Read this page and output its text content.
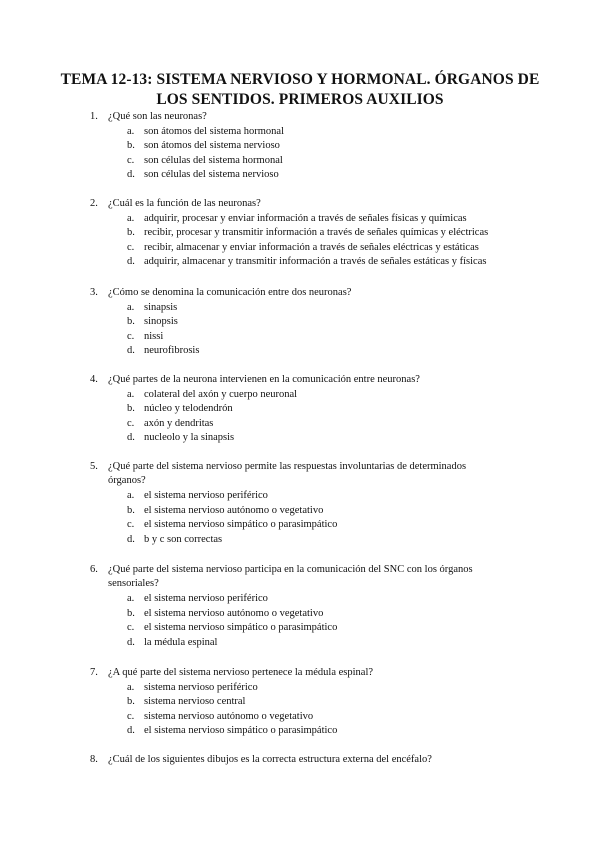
TEMA 12-13: SISTEMA NERVIOSO Y HORMONAL. ÓRGANOS DE
LOS SENTIDOS. PRIMEROS AUXILIOS
1. ¿Qué son las neuronas?
a. son átomos del sistema hormonal
b. son átomos del sistema nervioso
c. son células del sistema hormonal
d. son células del sistema nervioso
2. ¿Cuál es la función de las neuronas?
a. adquirir, procesar y enviar información a través de señales físicas y químicas
b. recibir, procesar y transmitir información a través de señales químicas y eléctricas
c. recibir, almacenar y enviar información a través de señales eléctricas y estáticas
d. adquirir, almacenar y transmitir información a través de señales estáticas y físicas
3. ¿Cómo se denomina la comunicación entre dos neuronas?
a. sinapsis
b. sinopsis
c. nissi
d. neurofibrosis
4. ¿Qué partes de la neurona intervienen en la comunicación entre neuronas?
a. colateral del axón y cuerpo neuronal
b. núcleo y telodendrón
c. axón y dendritas
d. nucleolo y la sinapsis
5. ¿Qué parte del sistema nervioso permite las respuestas involuntarias de determinados
órganos?
a. el sistema nervioso periférico
b. el sistema nervioso autónomo o vegetativo
c. el sistema nervioso simpático o parasimpático
d. b y c son correctas
6. ¿Qué parte del sistema nervioso participa en la comunicación del SNC con los órganos
sensoriales?
a. el sistema nervioso periférico
b. el sistema nervioso autónomo o vegetativo
c. el sistema nervioso simpático o parasimpático
d. la médula espinal
7. ¿A qué parte del sistema nervioso pertenece la médula espinal?
a. sistema nervioso periférico
b. sistema nervioso central
c. sistema nervioso autónomo o vegetativo
d. el sistema nervioso simpático o parasimpático
8. ¿Cuál de los siguientes dibujos es la correcta estructura externa del encéfalo?
